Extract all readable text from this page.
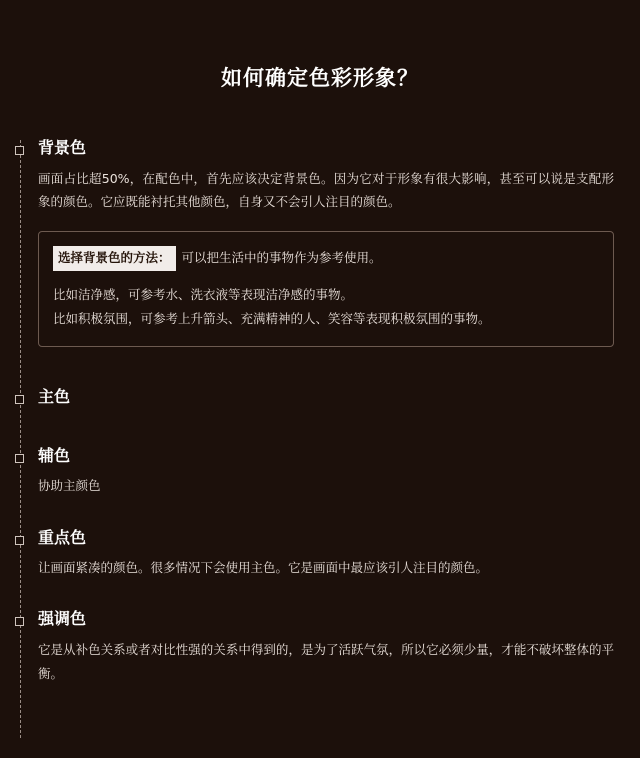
如何确定色彩形象？
背景色

画面占比超50%，在配色中，首先应该决定背景色。因为它对于形象有很大影响，甚至可以说是支配形象的颜色。它应既能衬托其他颜色，自身又不会引人注目的颜色。

选择背景色的方法： 可以把生活中的事物作为参考使用。

比如洁净感，可参考水、洗衣液等表现洁净感的事物。

比如积极氛围，可参考上升箭头、充满精神的人、笑容等表现积极氛围的事物。

主色
辅色

协助主颜色

重点色

让画面紧凑的颜色。很多情况下会使用主色。它是画面中最应该引人注目的颜色。

强调色

它是从补色关系或者对比性强的关系中得到的，是为了活跃气氛，所以它必须少量，才能不破坏整体的平衡。
